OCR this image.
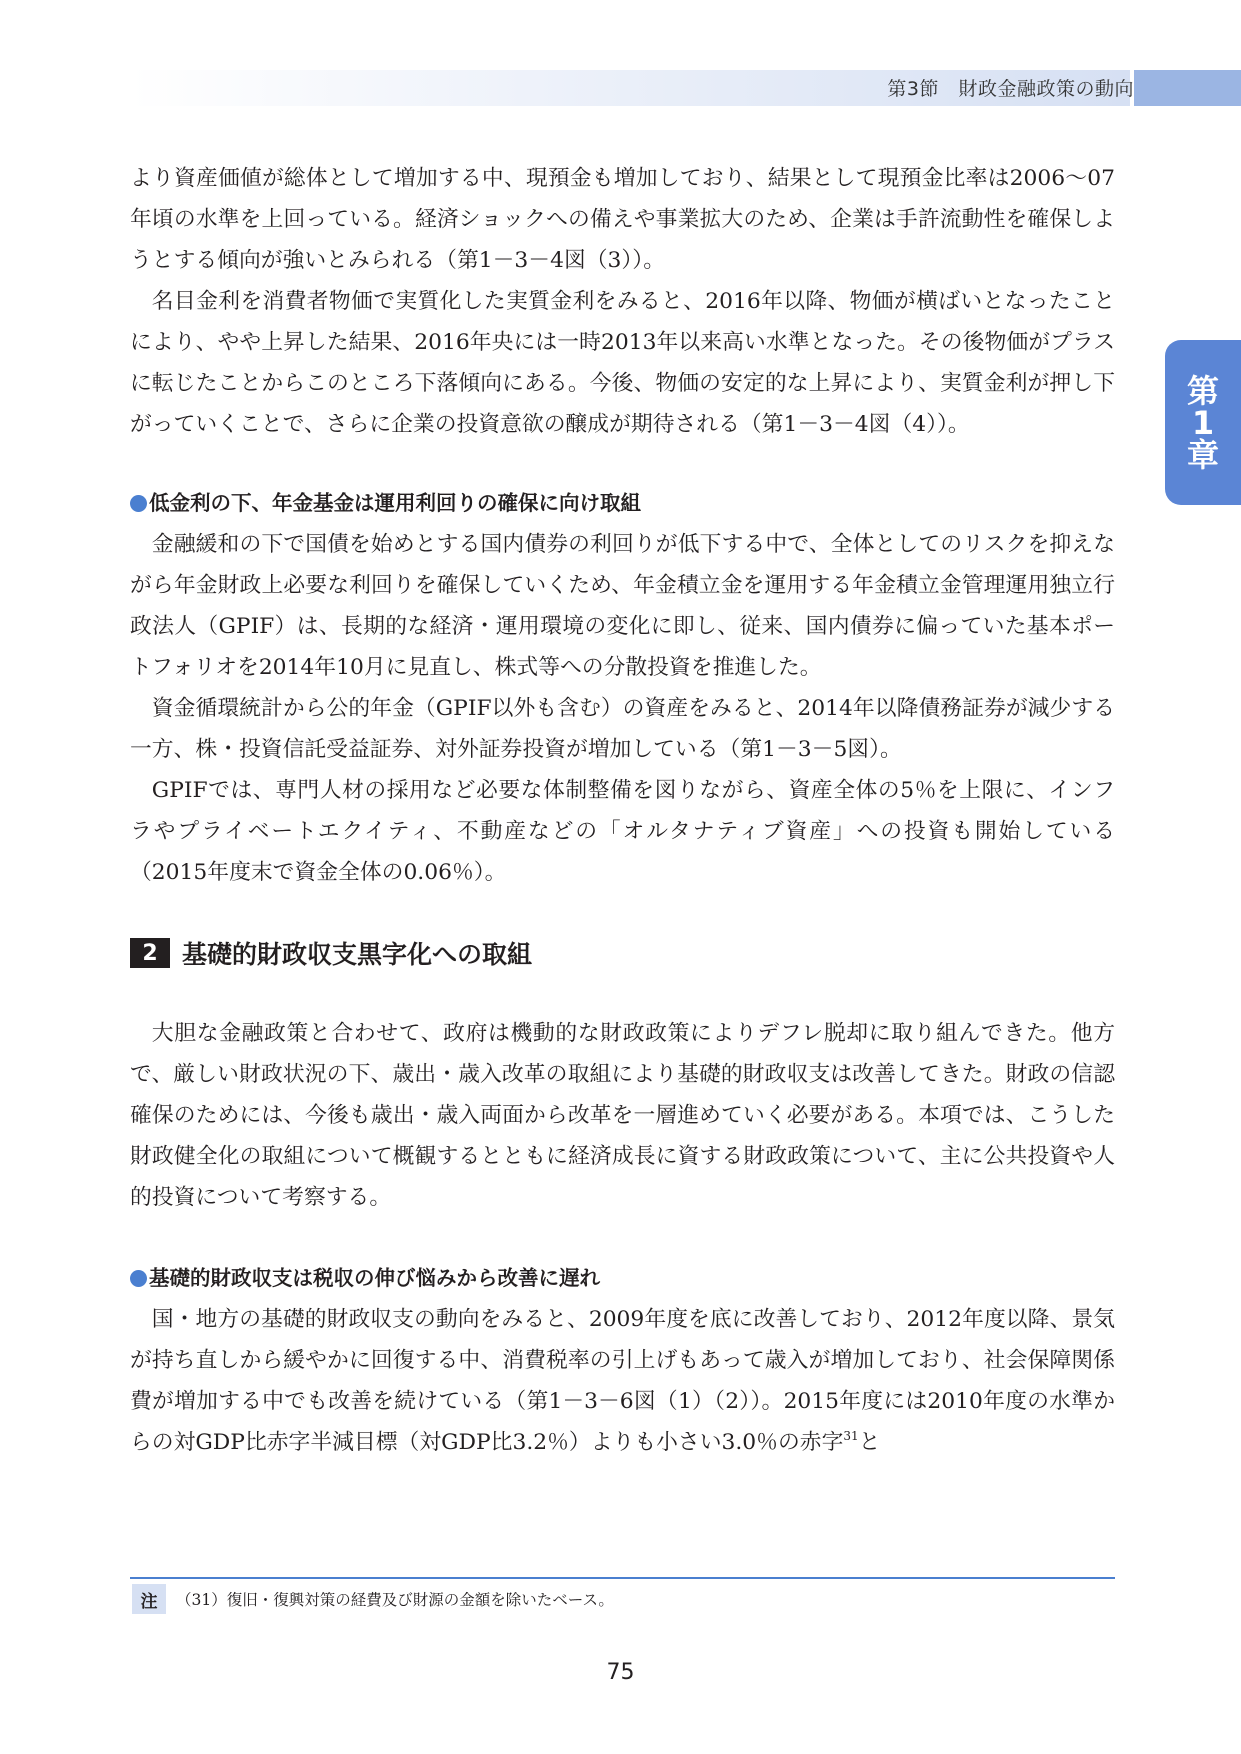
第3節　財政金融政策の動向
第
1
章

より資産価値が総体として増加する中、現預金も増加しており、結果として現預金比率は2006～07年頃の水準を上回っている。経済ショックへの備えや事業拡大のため、企業は手許流動性を確保しようとする傾向が強いとみられる（第1－3－4図（3））。

名目金利を消費者物価で実質化した実質金利をみると、2016年以降、物価が横ばいとなったことにより、やや上昇した結果、2016年央には一時2013年以来高い水準となった。その後物価がプラスに転じたことからこのところ下落傾向にある。今後、物価の安定的な上昇により、実質金利が押し下がっていくことで、さらに企業の投資意欲の醸成が期待される（第1－3－4図（4））。

低金利の下、年金基金は運用利回りの確保に向け取組

金融緩和の下で国債を始めとする国内債券の利回りが低下する中で、全体としてのリスクを抑えながら年金財政上必要な利回りを確保していくため、年金積立金を運用する年金積立金管理運用独立行政法人（GPIF）は、長期的な経済・運用環境の変化に即し、従来、国内債券に偏っていた基本ポートフォリオを2014年10月に見直し、株式等への分散投資を推進した。

資金循環統計から公的年金（GPIF以外も含む）の資産をみると、2014年以降債務証券が減少する一方、株・投資信託受益証券、対外証券投資が増加している（第1－3－5図）。

GPIFでは、専門人材の採用など必要な体制整備を図りながら、資産全体の5％を上限に、インフラやプライベートエクイティ、不動産などの「オルタナティブ資産」への投資も開始している（2015年度末で資金全体の0.06％）。

2 基礎的財政収支黒字化への取組

大胆な金融政策と合わせて、政府は機動的な財政政策によりデフレ脱却に取り組んできた。他方で、厳しい財政状況の下、歳出・歳入改革の取組により基礎的財政収支は改善してきた。財政の信認確保のためには、今後も歳出・歳入両面から改革を一層進めていく必要がある。本項では、こうした財政健全化の取組について概観するとともに経済成長に資する財政政策について、主に公共投資や人的投資について考察する。

基礎的財政収支は税収の伸び悩みから改善に遅れ

国・地方の基礎的財政収支の動向をみると、2009年度を底に改善しており、2012年度以降、景気が持ち直しから緩やかに回復する中、消費税率の引上げもあって歳入が増加しており、社会保障関係費が増加する中でも改善を続けている（第1－3－6図（1）（2））。2015年度には2010年度の水準からの対GDP比赤字半減目標（対GDP比3.2％）よりも小さい3.0％の赤字$^{31}$と

注	（31）復旧・復興対策の経費及び財源の金額を除いたベース。
75
